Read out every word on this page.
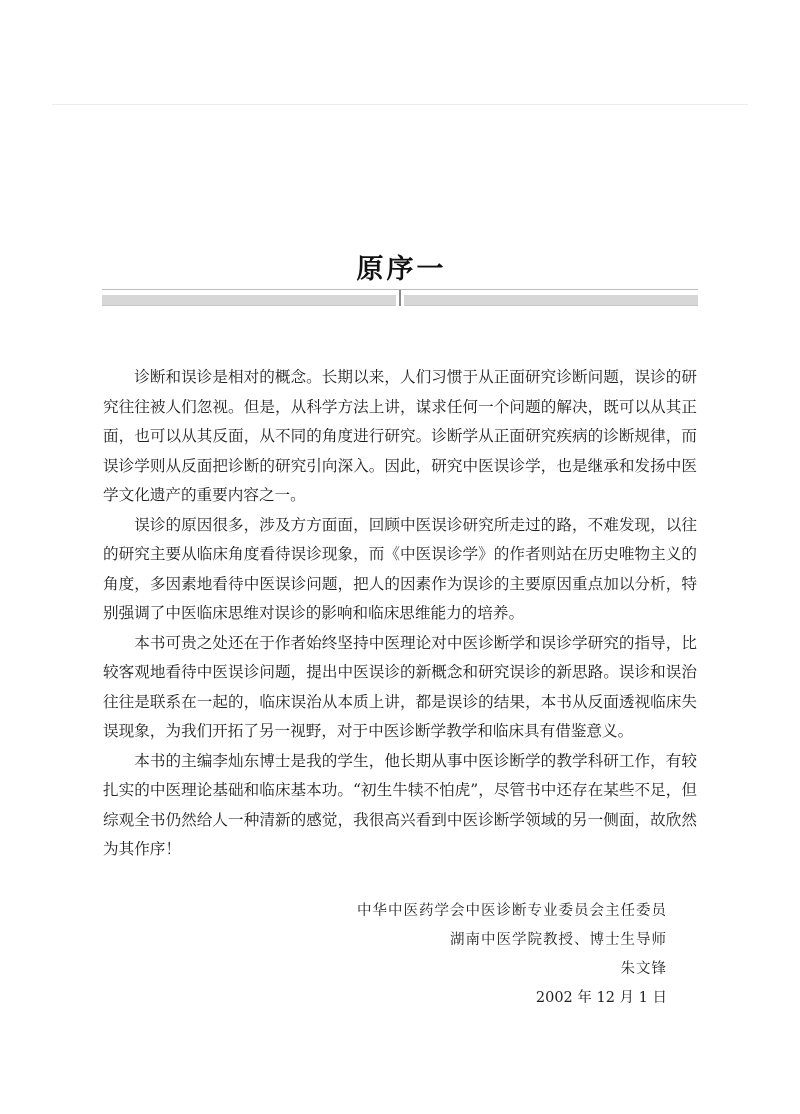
原序一
诊断和误诊是相对的概念。长期以来，人们习惯于从正面研究诊断问题，误诊的研
究往往被人们忽视。但是，从科学方法上讲，谋求任何一个问题的解决，既可以从其正
面，也可以从其反面，从不同的角度进行研究。诊断学从正面研究疾病的诊断规律，而
误诊学则从反面把诊断的研究引向深入。因此，研究中医误诊学，也是继承和发扬中医
学文化遗产的重要内容之一。
误诊的原因很多，涉及方方面面，回顾中医误诊研究所走过的路，不难发现，以往
的研究主要从临床角度看待误诊现象，而《中医误诊学》的作者则站在历史唯物主义的
角度，多因素地看待中医误诊问题，把人的因素作为误诊的主要原因重点加以分析，特
别强调了中医临床思维对误诊的影响和临床思维能力的培养。
本书可贵之处还在于作者始终坚持中医理论对中医诊断学和误诊学研究的指导，比
较客观地看待中医误诊问题，提出中医误诊的新概念和研究误诊的新思路。误诊和误治
往往是联系在一起的，临床误治从本质上讲，都是误诊的结果，本书从反面透视临床失
误现象，为我们开拓了另一视野，对于中医诊断学教学和临床具有借鉴意义。
本书的主编李灿东博士是我的学生，他长期从事中医诊断学的教学科研工作，有较
扎实的中医理论基础和临床基本功。“初生牛犊不怕虎”，尽管书中还存在某些不足，但
综观全书仍然给人一种清新的感觉，我很高兴看到中医诊断学领域的另一侧面，故欣然
为其作序！
中华中医药学会中医诊断专业委员会主任委员
湖南中医学院教授、博士生导师
朱文锋
2002 年 12 月 1 日
